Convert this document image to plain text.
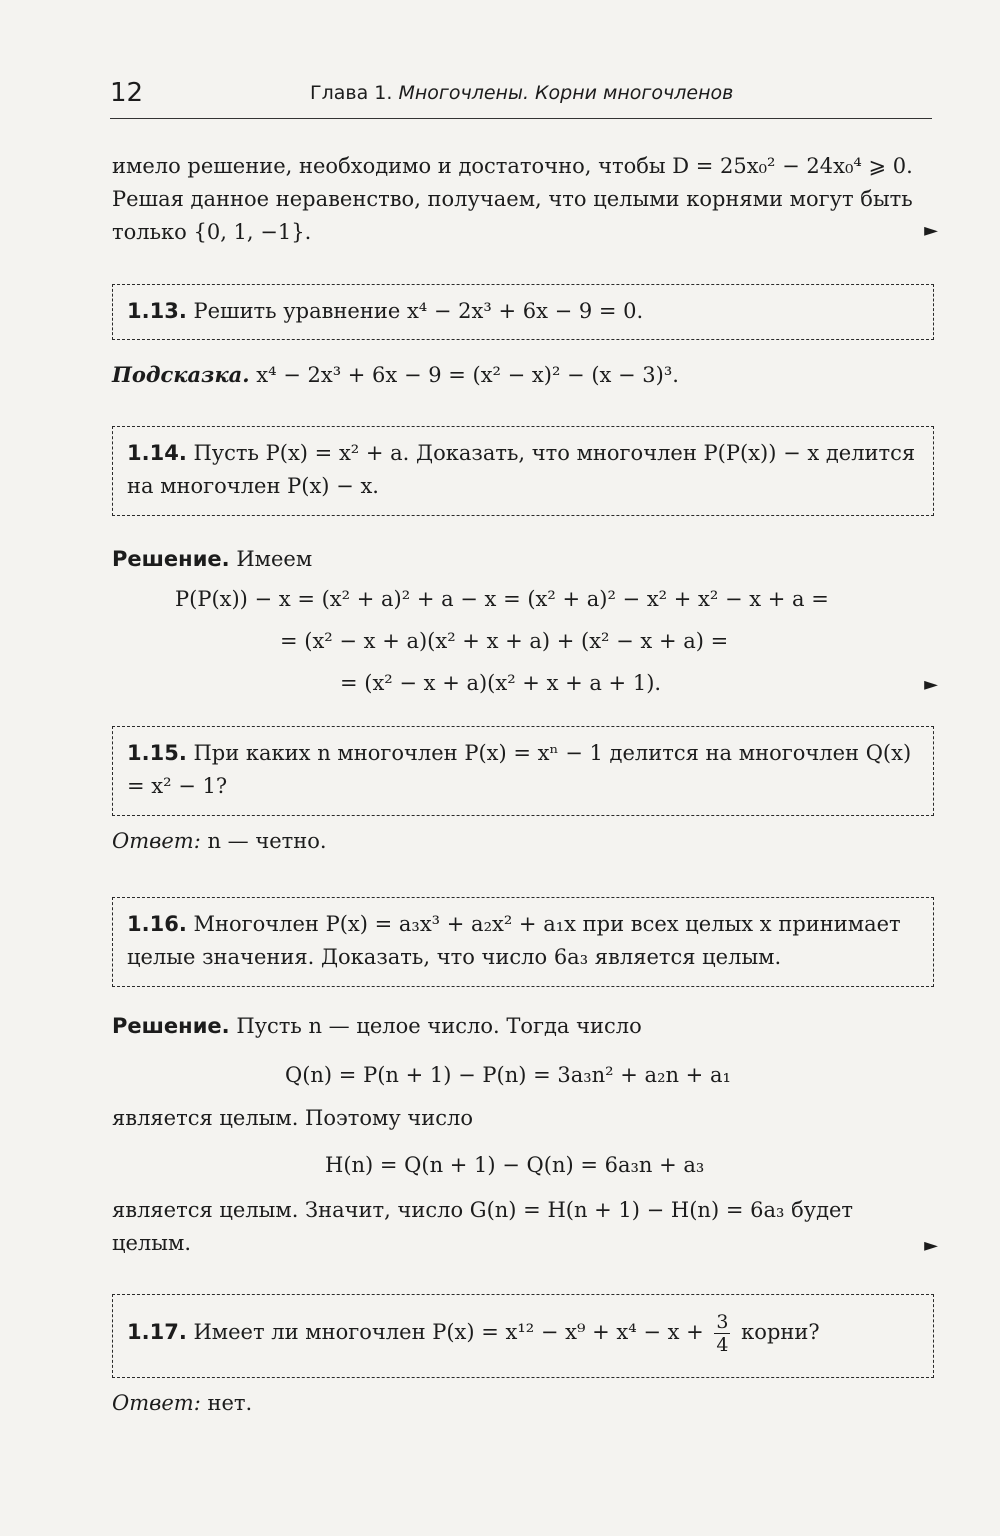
12	Глава 1. Многочлены. Корни многочленов
имело решение, необходимо и достаточно, чтобы D = 25x₀² − 24x₀⁴ ⩾ 0.
Решая данное неравенство, получаем, что целыми корнями могут быть
только {0, 1, −1}.	►
1.13. Решить уравнение x⁴ − 2x³ + 6x − 9 = 0.
Подсказка. x⁴ − 2x³ + 6x − 9 = (x² − x)² − (x − 3)³.
1.14. Пусть P(x) = x² + a. Доказать, что многочлен P(P(x)) − x делится на многочлен P(x) − x.
Решение. Имеем
P(P(x)) − x = (x² + a)² + a − x = (x² + a)² − x² + x² − x + a =
= (x² − x + a)(x² + x + a) + (x² − x + a) =
= (x² − x + a)(x² + x + a + 1).	►
1.15. При каких n многочлен P(x) = xⁿ − 1 делится на многочлен Q(x) = x² − 1?
Ответ: n — четно.
1.16. Многочлен P(x) = a₃x³ + a₂x² + a₁x при всех целых x принимает целые значения. Доказать, что число 6a₃ является целым.
Решение. Пусть n — целое число. Тогда число
Q(n) = P(n + 1) − P(n) = 3a₃n² + a₂n + a₁
является целым. Поэтому число
H(n) = Q(n + 1) − Q(n) = 6a₃n + a₃
является целым. Значит, число G(n) = H(n + 1) − H(n) = 6a₃ будет
целым.	►
1.17. Имеет ли многочлен $P(x) = x^{12} - x^9 + x^4 - x + \frac{3}{4}$ корни?
Ответ: нет.
